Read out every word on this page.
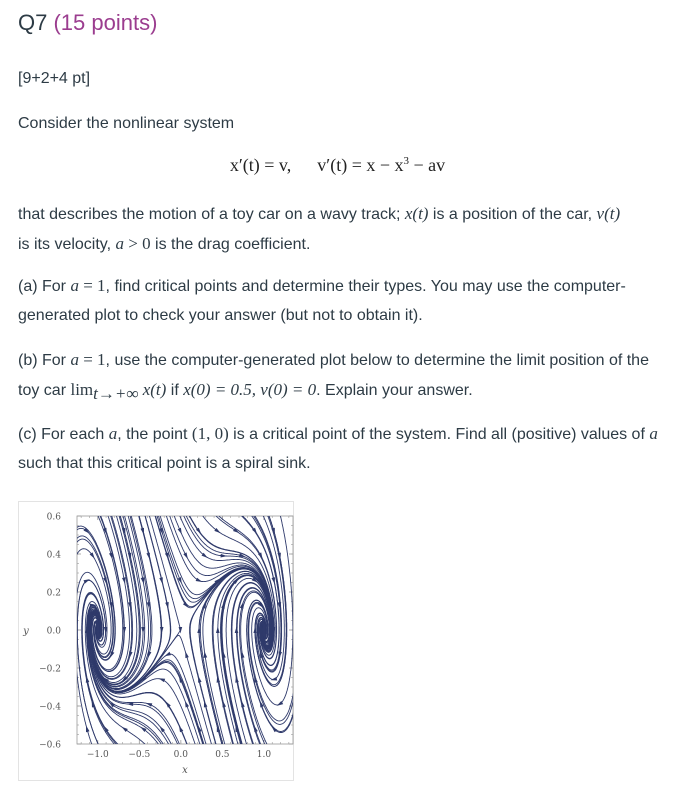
Q7 (15 points)
[9+2+4 pt]
Consider the nonlinear system
x′(t) = v, $v'(t) = x - x^3$ − av
that describes the motion of a toy car on a wavy track; x(t) is a position of the car, v(t)
is its velocity, a > 0 is the drag coefficient.
(a) For a = 1, find critical points and determine their types. You may use the computer-generated plot to check your answer (but not to obtain it).
(b) For a = 1, use the computer-generated plot below to determine the limit position of the toy car $\lim_{t\to+\infty} x(t)$ if x(0) = 0.5, v(0) = 0. Explain your answer.
(c) For each a, the point (1, 0) is a critical point of the system. Find all (positive) values of a such that this critical point is a spiral sink.
0.6
0.4
0.2
0.0
−0.2
−0.4
−0.6
−1.0 −0.5	0.0	0.5	1.0
x
y
